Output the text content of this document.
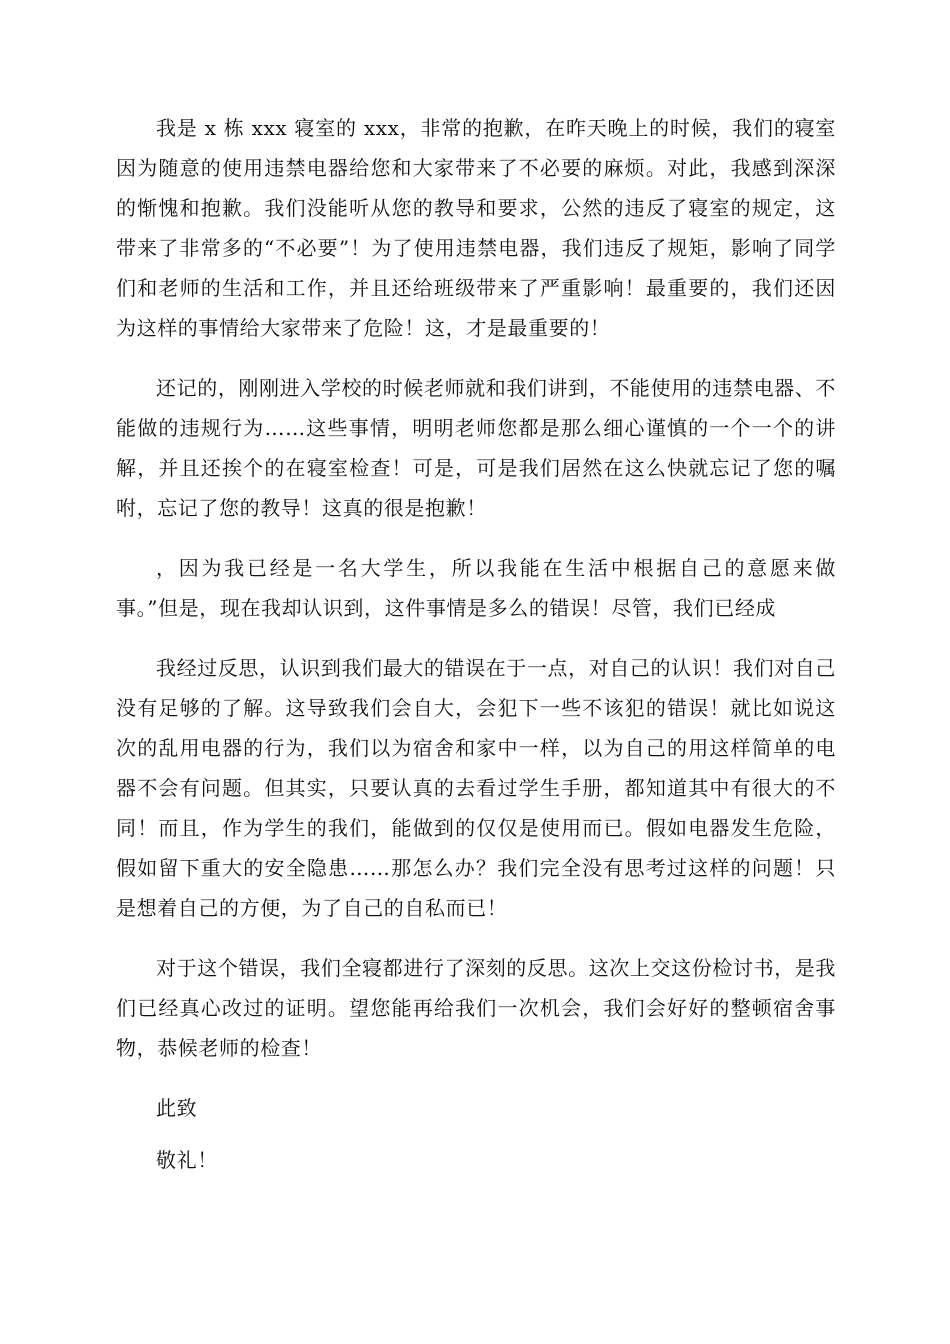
我是 x 栋 xxx 寝室的 xxx，非常的抱歉，在昨天晚上的时候，我们的寝室因为随意的使用违禁电器给您和大家带来了不必要的麻烦。对此，我感到深深的惭愧和抱歉。我们没能听从您的教导和要求，公然的违反了寝室的规定，这带来了非常多的“不必要”！为了使用违禁电器，我们违反了规矩，影响了同学们和老师的生活和工作，并且还给班级带来了严重影响！最重要的，我们还因为这样的事情给大家带来了危险！这，才是最重要的！

还记的，刚刚进入学校的时候老师就和我们讲到，不能使用的违禁电器、不能做的违规行为……这些事情，明明老师您都是那么细心谨慎的一个一个的讲解，并且还挨个的在寝室检查！可是，可是我们居然在这么快就忘记了您的嘱咐，忘记了您的教导！这真的很是抱歉！

，因为我已经是一名大学生，所以我能在生活中根据自己的意愿来做事。”但是，现在我却认识到，这件事情是多么的错误！尽管，我们已经成

我经过反思，认识到我们最大的错误在于一点，对自己的认识！我们对自己没有足够的了解。这导致我们会自大，会犯下一些不该犯的错误！就比如说这次的乱用电器的行为，我们以为宿舍和家中一样，以为自己的用这样简单的电器不会有问题。但其实，只要认真的去看过学生手册，都知道其中有很大的不同！而且，作为学生的我们，能做到的仅仅是使用而已。假如电器发生危险，假如留下重大的安全隐患……那怎么办？我们完全没有思考过这样的问题！只是想着自己的方便，为了自己的自私而已！

对于这个错误，我们全寝都进行了深刻的反思。这次上交这份检讨书，是我们已经真心改过的证明。望您能再给我们一次机会，我们会好好的整顿宿舍事物，恭候老师的检查！

此致

敬礼！
